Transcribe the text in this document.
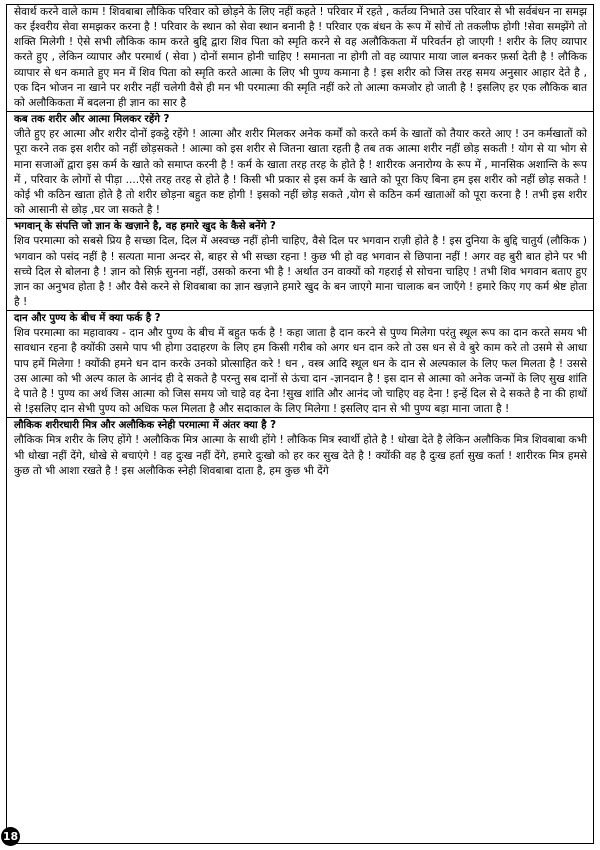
सेवार्थ करने वाले काम ! शिवबाबा लौकिक परिवार को छोड़ने के लिए नहीं कहते ! परिवार में रहते , कर्तव्य निभाते उस परिवार से भी सर्वबंधन ना समझ कर ईश्वरीय सेवा समझकर करना है ! परिवार के स्थान को सेवा स्थान बनानी है ! परिवार एक बंधन के रूप में सोचें तो तकलीफ होगी !सेवा समझेंगे तो शक्ति मिलेगी ! ऐसे सभी लौकिक काम करते बुद्दि द्वारा शिव पिता को स्मृति करने से वह अलौकिकता में परिवर्तन हो जाएगी ! शरीर के लिए व्यापार करते हुए , लेकिन व्यापार और परमार्थ ( सेवा ) दोनों समान होनी चाहिए ! समानता ना होगी तो वह व्यापार माया जाल बनकर फ़र्सा देती है ! लौकिक व्यापार से धन कमाते हुए मन में शिव पिता को स्मृति करते आत्मा के लिए भी पुण्य कमाना है ! इस शरीर को जिस तरह समय अनुसार आहार देते है , एक दिन भोजन ना खाने पर शरीर नहीं चलेगी वैसे ही मन भी परमात्मा की स्मृति नहीं करे तो आत्मा कमजोर हो जाती है ! इसलिए हर एक लौकिक बात को अलौकिकता में बदलना ही ज्ञान का सार है

कब तक शरीर और आत्मा मिलकर रहेंगे ?

जीते हुए हर आत्मा और शरीर दोनों इकट्ठे रहेंगे ! आत्मा और शरीर मिलकर अनेक कर्मों को करते कर्म के खातों को तैयार करते आए ! उन कर्मखातों को पूरा करने तक इस शरीर को नहीं छोड़सकते ! आत्मा को इस शरीर से जितना खाता रहती है तब तक आत्मा शरीर नहीं छोड़ सकती ! योग से या भोग से माना सजाओं द्वारा इस कर्म के खाते को समाप्त करनी है ! कर्म के खाता तरह तरह के होते है ! शारीरक अनारोग्य के रूप में , मानसिक अशान्ति के रूप में , परिवार के लोगों से पीड़ा ....ऐसे तरह तरह से होते है ! किसी भी प्रकार से इस कर्म के खाते को पूरा किए बिना हम इस शरीर को नहीं छोड़ सकते ! कोई भी कठिन खाता होते है तो शरीर छोड़ना बहुत कष्ट होगी ! इसको नहीं छोड़ सकते ,योग से कठिन कर्म खाताओं को पूरा करना है ! तभी इस शरीर को आसानी से छोड़ ,घर जा सकते है !

भगवान् के संपत्ति जो ज्ञान के खज़ाने है, वह हमारे खुद के कैसे बनेंगे ?

शिव परमात्मा को सबसे प्रिय है सच्छा दिल, दिल में अस्वच्छ नहीं होनी चाहिए, वैसे दिल पर भगवान राज़ी होते है ! इस दुनिया के बुद्दि चातुर्य (लौकिक ) भगवान को पसंद नहीं है ! सत्यता माना अन्दर से, बाहर से भी सच्छा रहना ! कुछ भी हो वह भगवान से छिपाना नहीं ! अगर वह बुरी बात होने पर भी सच्चे दिल से बोलना है ! ज्ञान को सिर्फ़ सुनना नहीं, उसको करना भी है ! अर्थात उन वाक्यों को गहराई से सोचना चाहिए ! तभी शिव भगवान बताए हुए ज्ञान का अनुभव होता है ! और वैसे करने से शिवबाबा का ज्ञान खज़ाने हमारे खुद के बन जाएगे माना चालाक बन जाएँगे ! हमारे किए गए कर्म श्रेष्ट होता है !

दान और पुण्य के बीच में क्या फर्क है ?

शिव परमात्मा का महावाक्य - दान और पुण्य के बीच में बहुत फर्क है ! कहा जाता है दान करने से पुण्य मिलेगा परंतु स्थूल रूप का दान करते समय भी सावधान रहना है क्योंकी उसमे पाप भी होगा उदाहरण के लिए हम किसी गरीब को अगर धन दान करे तो उस धन से वे बुरे काम करे तो उसमे से आधा पाप हमें मिलेगा ! क्योंकी हमने धन दान करके उनको प्रोत्साहित करे ! धन , वस्त्र आदि स्थूल धन के दान से अल्पकाल के लिए फल मिलता है ! उससे उस आत्मा को भी अल्प काल के आनंद ही दे सकते है परन्तु सब दानों से ऊंचा दान -ज्ञानदान है ! इस दान से आत्मा को अनेक जन्मों के लिए सुख शांति दे पाते है ! पुण्य का अर्थ जिस आत्मा को जिस समय जो चाहे वह देना !सुख शांति और आनंद जो चाहिए वह देना ! इन्हें दिल से दे सकते है ना की हाथों से !इसलिए दान सेभी पुण्य को अधिक फल मिलता है और सदाकाल के लिए मिलेगा ! इसलिए दान से भी पुण्य बड़ा माना जाता है !

लौकिक शरीरधारी मित्र और अलौकिक स्नेही परमात्मा में अंतर क्या है ?

लौकिक मित्र शरीर के लिए होंगे ! अलौकिक मित्र आत्मा के साथी होंगे ! लौकिक मित्र स्वार्थी होते है ! धोखा देते है लेकिन अलौकिक मित्र शिवबाबा कभी भी धोखा नहीं देंगे, धोखे से बचाएंगे ! वह दुःख नहीं देंगे, हमारे दुःखो को हर कर सुख देते है ! क्योंकी वह है दुःख हर्ता सुख कर्ता ! शारीरक मित्र हमसे कुछ तो भी आशा रखते है ! इस अलौकिक स्नेही शिवबाबा दाता है, हम कुछ भी देंगे

18
